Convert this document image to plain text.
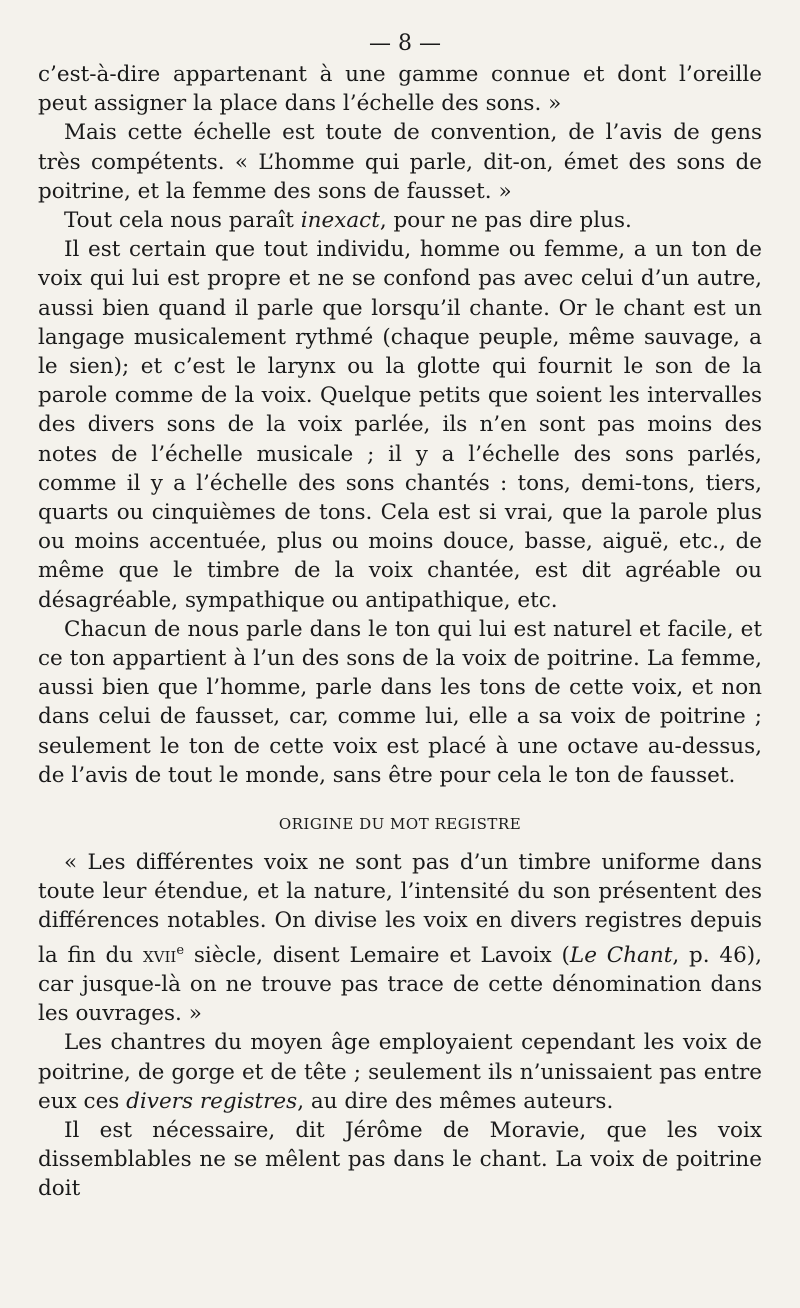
— 8 —

c’est-à-dire appartenant à une gamme connue et dont l’oreille peut assigner la place dans l’échelle des sons. »

Mais cette échelle est toute de convention, de l’avis de gens très compétents. « L’homme qui parle, dit-on, émet des sons de poitrine, et la femme des sons de fausset. »

Tout cela nous paraît inexact, pour ne pas dire plus.

Il est certain que tout individu, homme ou femme, a un ton de voix qui lui est propre et ne se confond pas avec celui d’un autre, aussi bien quand il parle que lorsqu’il chante. Or le chant est un langage musicalement rythmé (chaque peuple, même sauvage, a le sien); et c’est le larynx ou la glotte qui fournit le son de la parole comme de la voix. Quelque petits que soient les intervalles des divers sons de la voix parlée, ils n’en sont pas moins des notes de l’échelle musicale ; il y a l’échelle des sons parlés, comme il y a l’échelle des sons chantés : tons, demi-tons, tiers, quarts ou cinquièmes de tons. Cela est si vrai, que la parole plus ou moins accentuée, plus ou moins douce, basse, aiguë, etc., de même que le timbre de la voix chantée, est dit agréable ou désagréable, sympathique ou antipathique, etc.

Chacun de nous parle dans le ton qui lui est naturel et facile, et ce ton appartient à l’un des sons de la voix de poitrine. La femme, aussi bien que l’homme, parle dans les tons de cette voix, et non dans celui de fausset, car, comme lui, elle a sa voix de poitrine ; seulement le ton de cette voix est placé à une octave au-dessus, de l’avis de tout le monde, sans être pour cela le ton de fausset.

ORIGINE DU MOT REGISTRE

« Les différentes voix ne sont pas d’un timbre uniforme dans toute leur étendue, et la nature, l’intensité du son présentent des différences notables. On divise les voix en divers registres depuis la fin du xvii$^e$ siècle, disent Lemaire et Lavoix (Le Chant, p. 46), car jusque-là on ne trouve pas trace de cette dénomination dans les ouvrages. »

Les chantres du moyen âge employaient cependant les voix de poitrine, de gorge et de tête ; seulement ils n’unissaient pas entre eux ces divers registres, au dire des mêmes auteurs.

Il est nécessaire, dit Jérôme de Moravie, que les voix dissemblables ne se mêlent pas dans le chant. La voix de poitrine doit
